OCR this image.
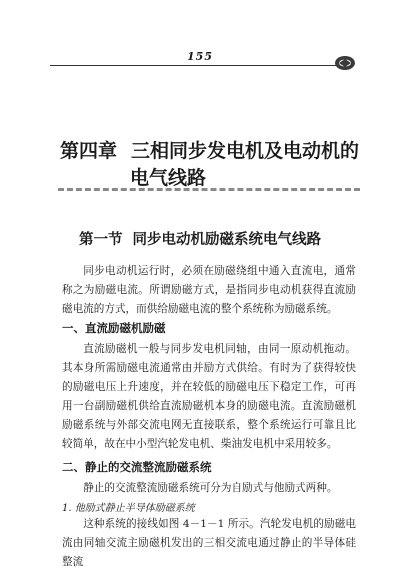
155
第四章 三相同步发电机及电动机的
电气线路
第一节 同步电动机励磁系统电气线路

同步电动机运行时，必须在励磁绕组中通入直流电，通常称之为励磁电流。所谓励磁方式，是指同步电动机获得直流励磁电流的方式，而供给励磁电流的整个系统称为励磁系统。

一、直流励磁机励磁

直流励磁机一般与同步发电机同轴，由同一原动机拖动。其本身所需励磁电流通常由并励方式供给。有时为了获得较快的励磁电压上升速度，并在较低的励磁电压下稳定工作，可再用一台副励磁机供给直流励磁机本身的励磁电流。直流励磁机励磁系统与外部交流电网无直接联系，整个系统运行可靠且比较简单，故在中小型汽轮发电机、柴油发电机中采用较多。

二、静止的交流整流励磁系统

静止的交流整流励磁系统可分为自励式与他励式两种。

1. 他励式静止半导体励磁系统

这种系统的接线如图 4－1－1 所示。汽轮发电机的励磁电流由同轴交流主励磁机发出的三相交流电通过静止的半导体硅整流
